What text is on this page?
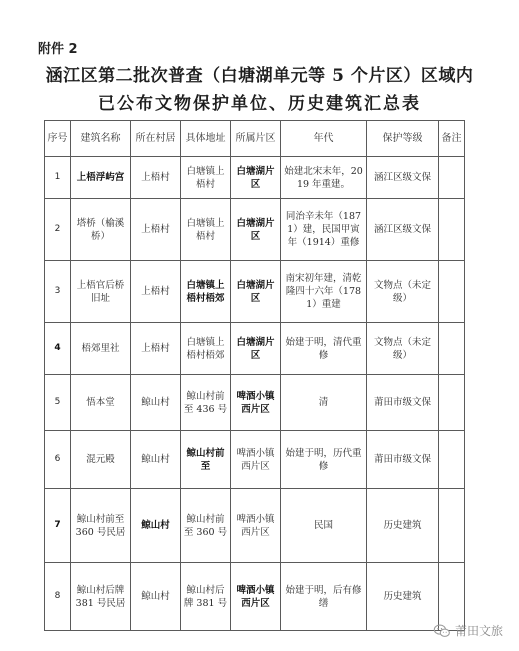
附件 2
涵江区第二批次普查（白塘湖单元等 5 个片区）区域内
已公布文物保护单位、历史建筑汇总表
序号	建筑名称	所在村居	具体地址	所属片区	年代	保护等级	备注
1	上梧浮屿宫	上梧村	白塘镇上梧村	白塘湖片区	始建北宋末年，2019 年重建。	涵江区级文保	
2	塔桥（榆溪桥）	上梧村	白塘镇上梧村	白塘湖片区	同治辛未年（1871）建，民国甲寅年（1914）重修	涵江区级文保	
3	上梧官后桥旧址	上梧村	白塘镇上梧村梧郊	白塘湖片区	南宋初年建，清乾隆四十六年（1781）重建	文物点（未定级）	
4	梧郊里社	上梧村	白塘镇上梧村梧郊	白塘湖片区	始建于明，清代重修	文物点（未定级）	
5	悟本堂	鲸山村	鲸山村前至 436 号	啤酒小镇西片区	清	莆田市级文保	
6	混元殿	鲸山村	鲸山村前至	啤酒小镇西片区	始建于明，历代重修	莆田市级文保	
7	鲸山村前至 360 号民居	鲸山村	鲸山村前至 360 号	啤酒小镇西片区	民国	历史建筑	
8	鲸山村后牌 381 号民居	鲸山村	鲸山村后牌 381 号	啤酒小镇西片区	始建于明，后有修缮	历史建筑	
莆田文旅
